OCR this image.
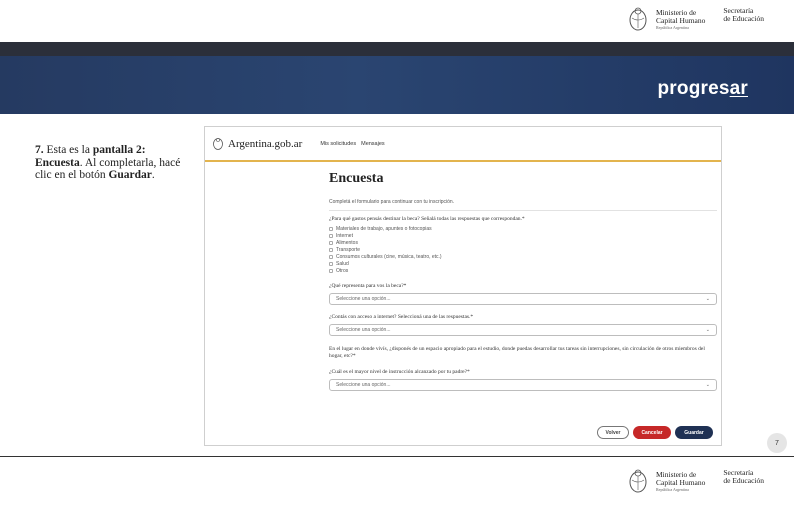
Ministerio de
Capital Humano
República Argentina
Secretaría
de Educación
progresar
7. Esta es la pantalla 2: Encuesta. Al completarla, hacé clic en el botón Guardar.
Argentina.gob.ar	Mis solicitudes Mensajes
Encuesta
Completá el formulario para continuar con tu inscripción.
¿Para qué gastos pensás destinar la beca? Señalá todas las respuestas que correspondan.*
Materiales de trabajo, apuntes o fotocopias
Internet
Alimentos
Transporte
Consumos culturales (cine, música, teatro, etc.)
Salud
Otros
¿Qué representa para vos la beca?*
Seleccione una opción...	⌄
¿Contás con acceso a internet? Seleccioná una de las respuestas.*
Seleccione una opción...	⌄
En el lugar en donde vivís, ¿disponés de un espacio apropiado para el estudio, donde puedas desarrollar tus tareas sin interrupciones, sin circulación de otros miembros del hogar, etc?*
¿Cuál es el mayor nivel de instrucción alcanzado por tu padre?*
Seleccione una opción...	⌄
Volver	Cancelar	Guardar
7
Ministerio de
Capital Humano
República Argentina
Secretaría
de Educación
